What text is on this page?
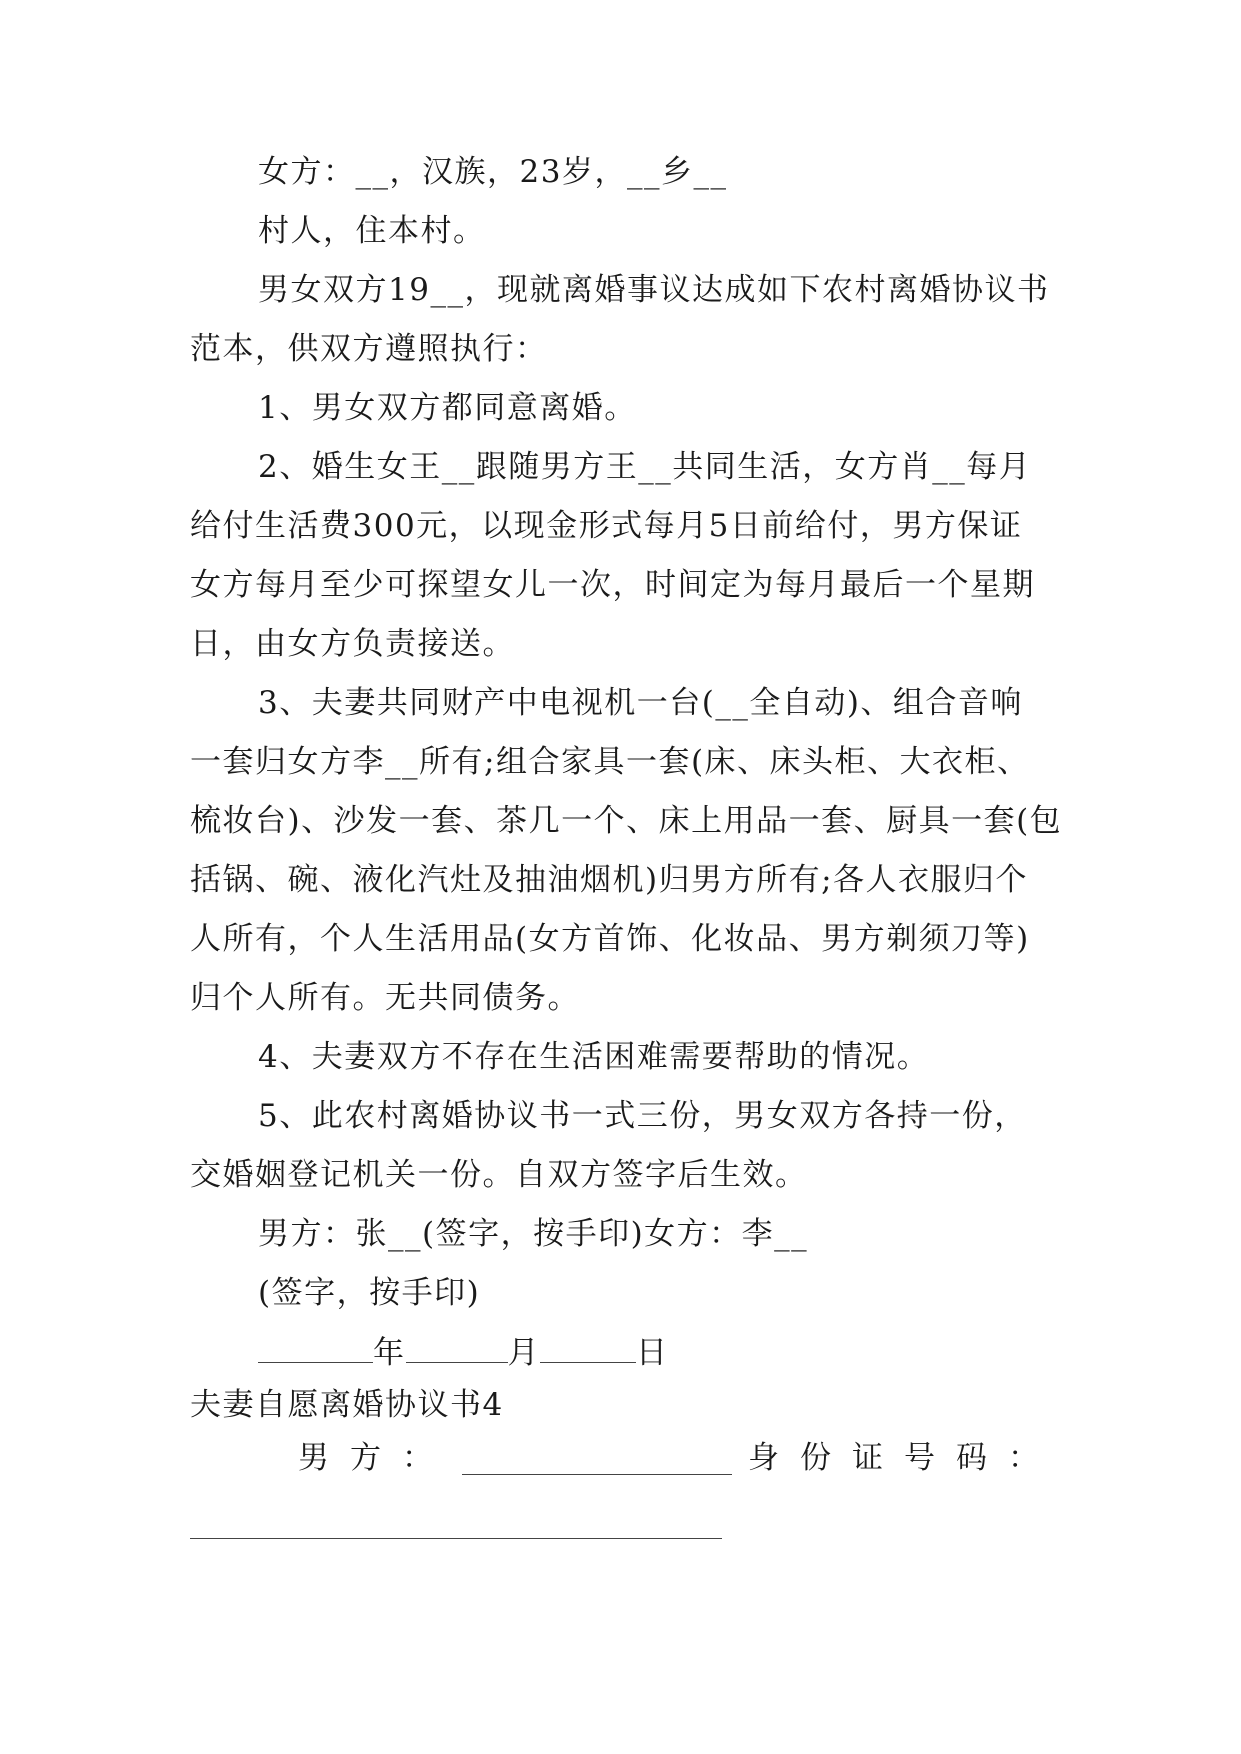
女方：__，汉族，23岁，__乡__
村人，住本村。
男女双方19__，现就离婚事议达成如下农村离婚协议书
范本，供双方遵照执行：
1、男女双方都同意离婚。
2、婚生女王__跟随男方王__共同生活，女方肖__每月
给付生活费300元，以现金形式每月5日前给付，男方保证
女方每月至少可探望女儿一次，时间定为每月最后一个星期
日，由女方负责接送。
3、夫妻共同财产中电视机一台(__全自动)、组合音响
一套归女方李__所有;组合家具一套(床、床头柜、大衣柜、
梳妆台)、沙发一套、茶几一个、床上用品一套、厨具一套(包
括锅、碗、液化汽灶及抽油烟机)归男方所有;各人衣服归个
人所有，个人生活用品(女方首饰、化妆品、男方剃须刀等)
归个人所有。无共同债务。
4、夫妻双方不存在生活困难需要帮助的情况。
5、此农村离婚协议书一式三份，男女双方各持一份，
交婚姻登记机关一份。自双方签字后生效。
男方：张__(签字，按手印)女方：李__
(签字，按手印)
年	月	日
夫妻自愿离婚协议书4
男方：	身份证号码：
